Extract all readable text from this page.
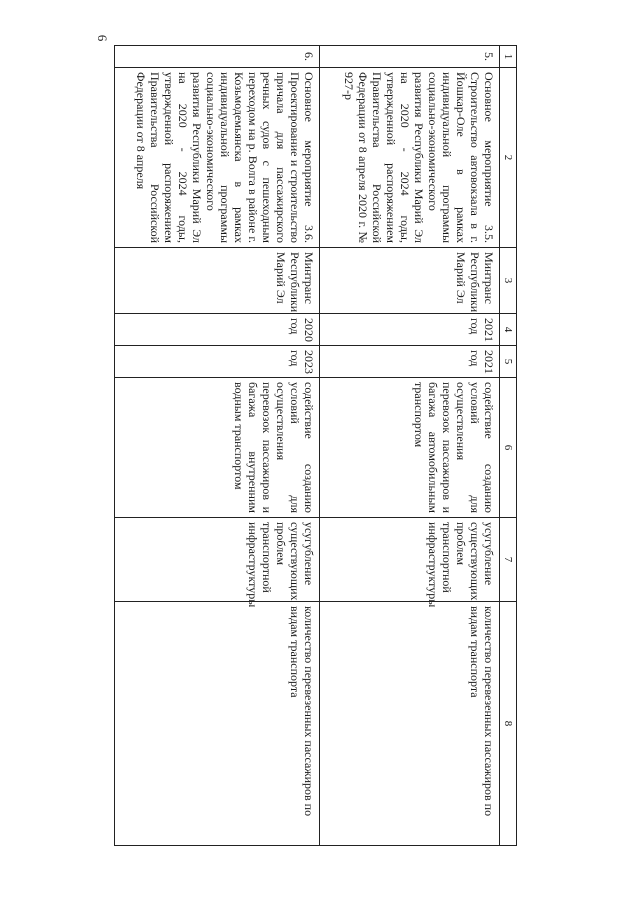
6
1	2	3	4	5	6	7	8
5.	Основное мероприятие 3.5. Строительство автовокзала в г. Йошкар-Оле в рамках индивидуальной программы социально-экономического развития Республики Марий Эл на 2020 - 2024 годы, утвержденной распоряжением Правительства Российской Федерации от 8 апреля 2020 г. № 927-р	Минтранс Республики Марий Эл	2021 год	2021 год	содействие созданию условий для осуществления перевозок пассажиров и багажа автомобильным транспортом	усугубление существующих проблем транспортной инфраструктуры	количество перевезенных пассажиров по видам транспорта
6.	Основное мероприятие 3.6. Проектирование и строительство причала для пассажирского речных судов с пешеходным переходом на р. Волга в районе г. Козьмодемьянска в рамках индивидуальной программы социально-экономического развития Республики Марий Эл на 2020 - 2024 годы, утвержденной распоряжением Правительства Российской Федерации от 8 апреля	Минтранс Республики Марий Эл	2020 год	2023 год	содействие созданию условий для осуществления перевозок пассажиров и багажа внутренним водным транспортом	усугубление существующих проблем транспортной инфраструктуры	количество перевезенных пассажиров по видам транспорта
